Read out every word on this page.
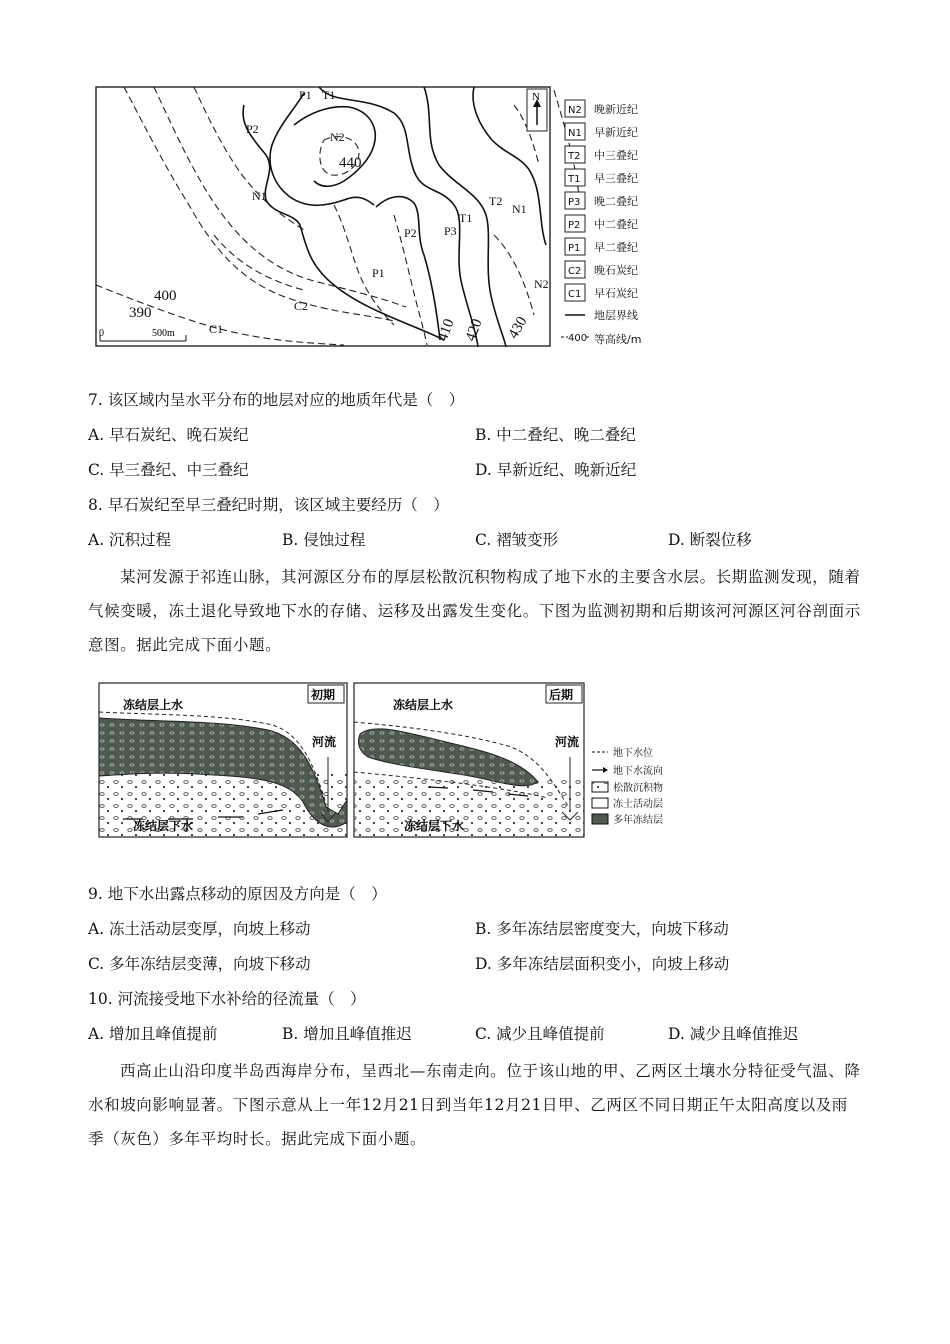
440
400
390
410 420 430
P1 T1
P2
N2
N1	T2
T1
N1
P2
P1
P3
N2
C2
C1
N
0	500m
N2 晚新近纪
N1 早新近纪
T2 中三叠纪
T1 早三叠纪
P3 晚二叠纪
P2 中二叠纪
P1 早二叠纪
C2 晚石炭纪
C1 早石炭纪
地层界线
400 等高线/m
7. 该区域内呈水平分布的地层对应的地质年代是（　）
A. 早石炭纪、晚石炭纪	B. 中二叠纪、晚二叠纪
C. 早三叠纪、中三叠纪	D. 早新近纪、晚新近纪
8. 早石炭纪至早三叠纪时期，该区域主要经历（　）
A. 沉积过程	B. 侵蚀过程	C. 褶皱变形	D. 断裂位移
某河发源于祁连山脉，其河源区分布的厚层松散沉积物构成了地下水的主要含水层。长期监测发现，随着气候变暖，冻土退化导致地下水的存储、运移及出露发生变化。下图为监测初期和后期该河河源区河谷剖面示意图。据此完成下面小题。
初期
冻结层上水
河流
冻结层下水
后期
冻结层上水
河流
冻结层下水
地下水位
地下水流向
松散沉积物
冻土活动层
多年冻结层
9. 地下水出露点移动的原因及方向是（　）
A. 冻土活动层变厚，向坡上移动	B. 多年冻结层密度变大，向坡下移动
C. 多年冻结层变薄，向坡下移动	D. 多年冻结层面积变小，向坡上移动
10. 河流接受地下水补给的径流量（　）
A. 增加且峰值提前	B. 增加且峰值推迟	C. 减少且峰值提前	D. 减少且峰值推迟
西高止山沿印度半岛西海岸分布，呈西北—东南走向。位于该山地的甲、乙两区土壤水分特征受气温、降水和坡向影响显著。下图示意从上一年12月21日到当年12月21日甲、乙两区不同日期正午太阳高度以及雨季（灰色）多年平均时长。据此完成下面小题。
